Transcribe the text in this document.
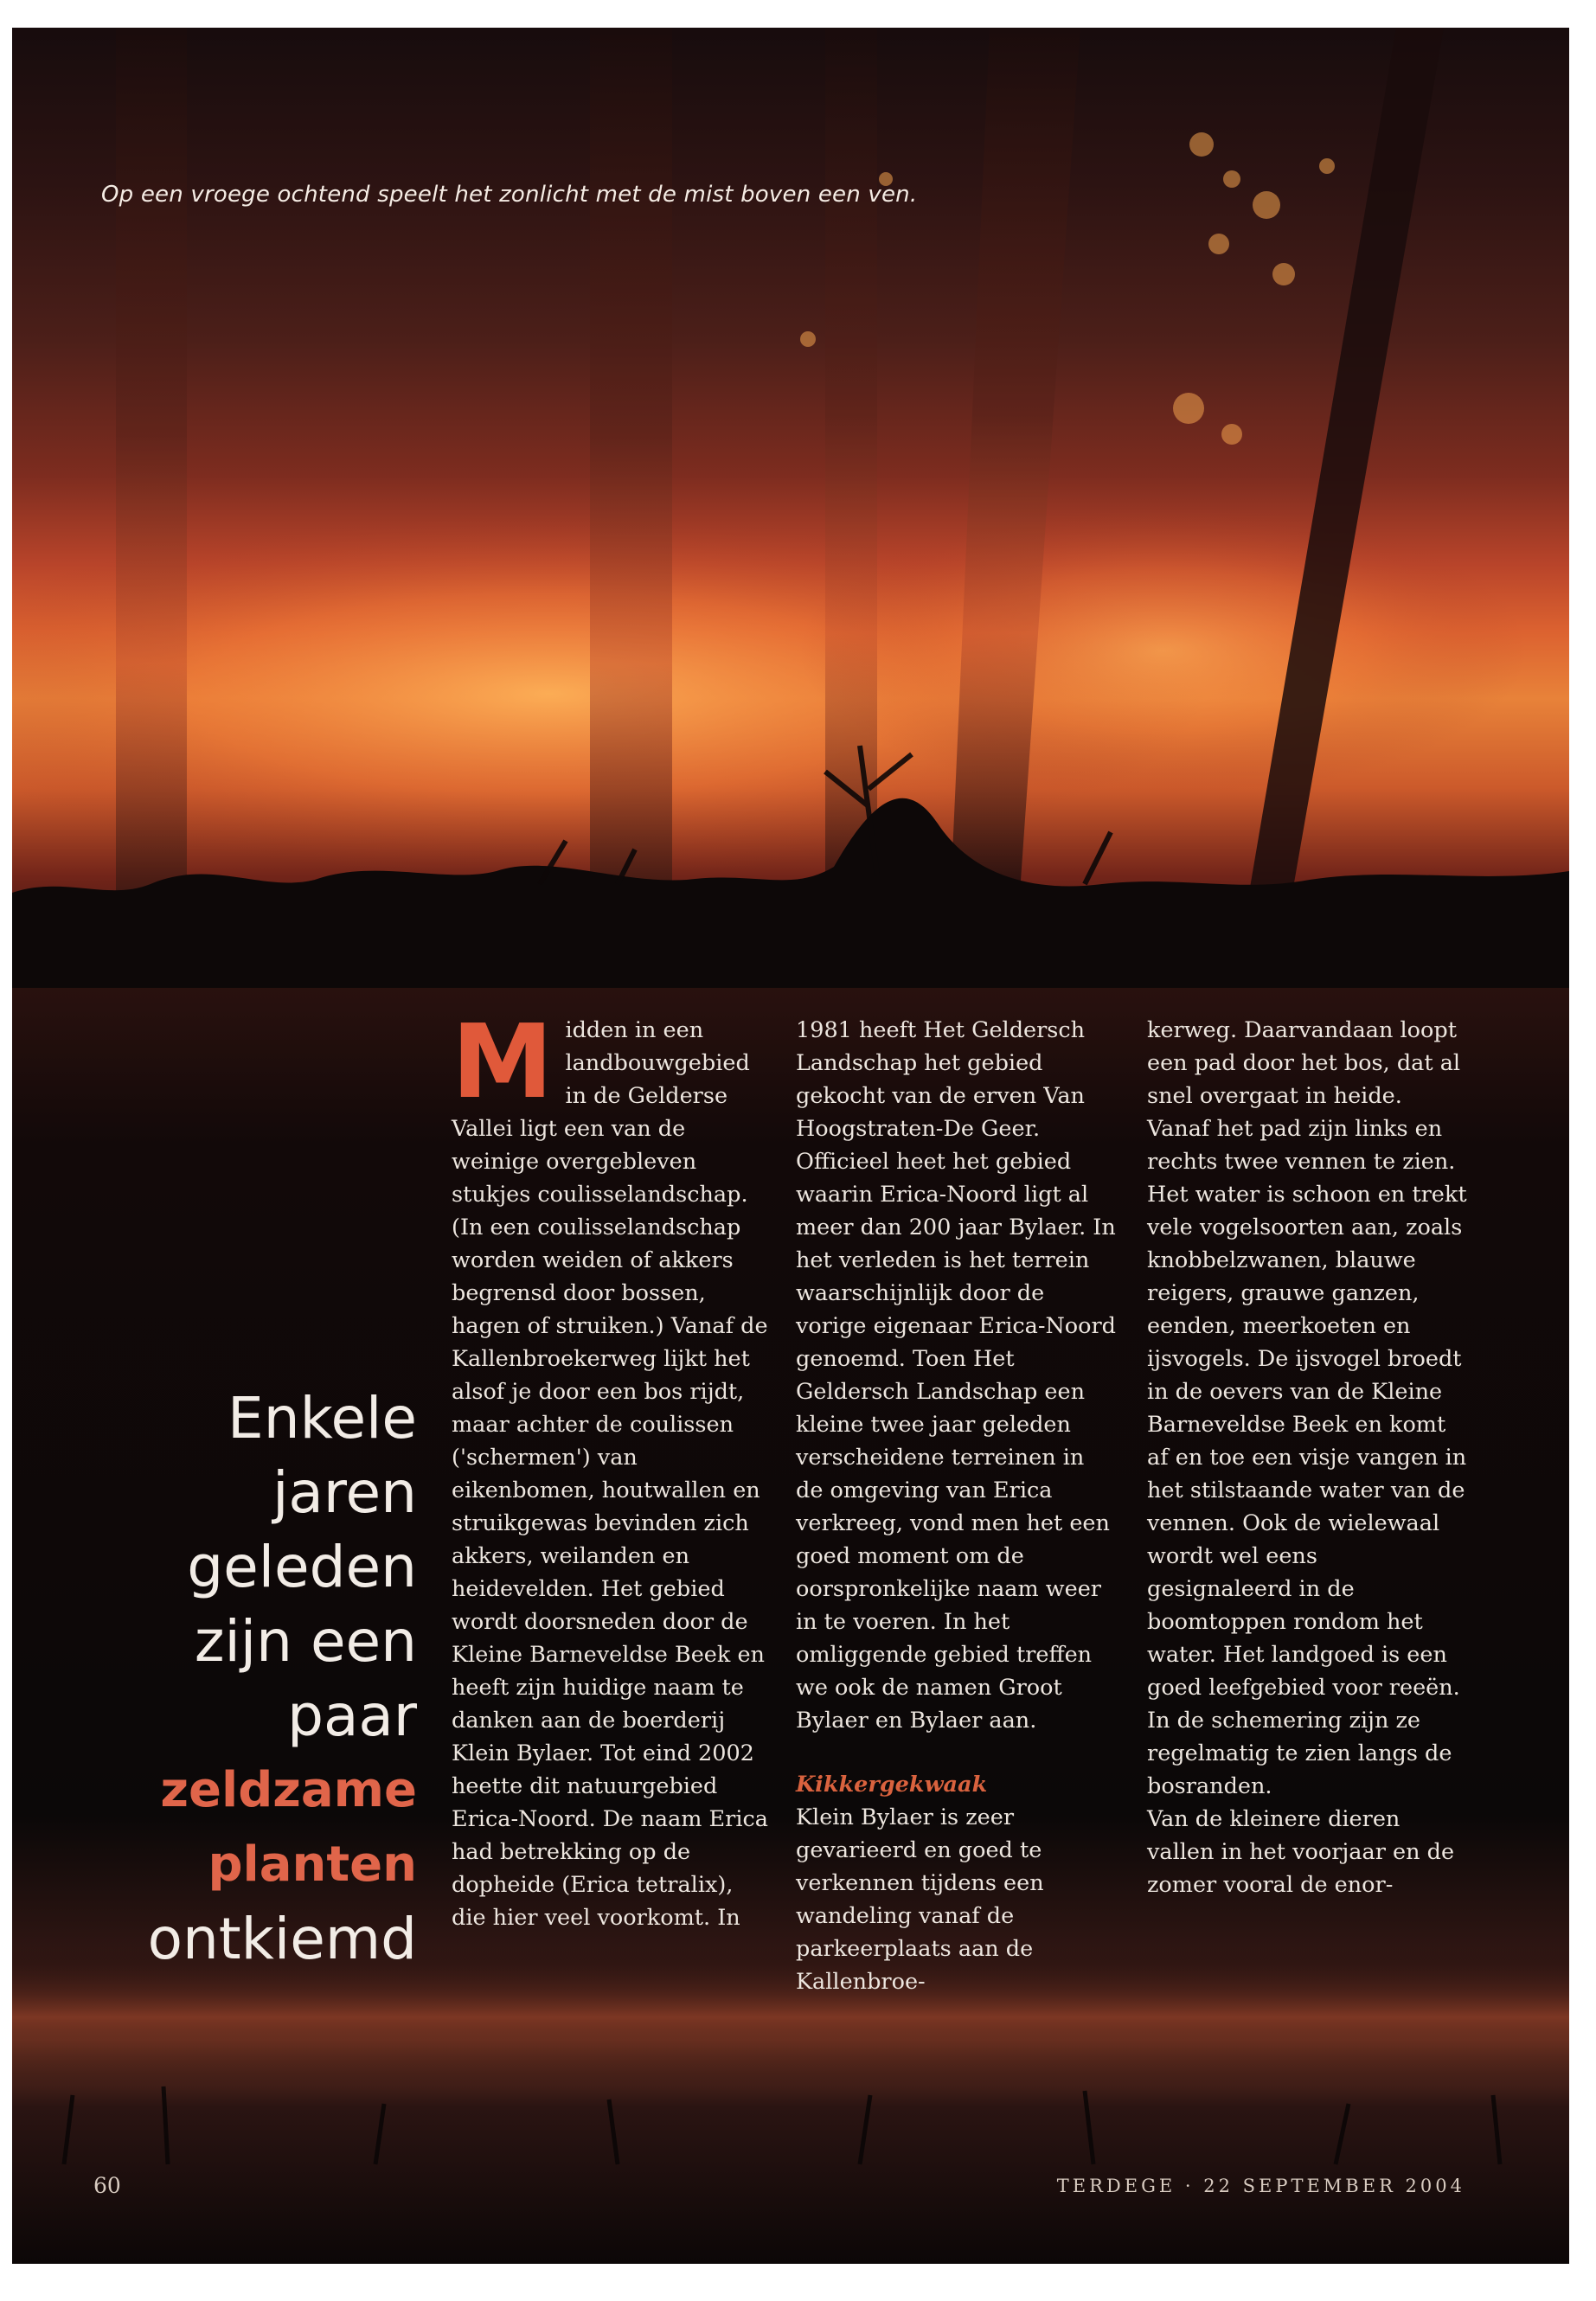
Op een vroege ochtend speelt het zonlicht met de mist boven een ven.
Enkele
jaren
geleden
zijn een
paar
zeldzame
planten
ontkiemd
M idden in een landbouwgebied in de Gelderse Vallei ligt een van de weinige overgebleven stukjes coulisselandschap. (In een coulisselandschap worden weiden of akkers begrensd door bossen, hagen of struiken.) Vanaf de Kallenbroekerweg lijkt het alsof je door een bos rijdt, maar achter de coulissen ('schermen') van eikenbomen, houtwallen en struikgewas bevinden zich akkers, weilanden en heidevelden. Het gebied wordt doorsneden door de Kleine Barneveldse Beek en heeft zijn huidige naam te danken aan de boerderij Klein Bylaer. Tot eind 2002 heette dit natuurgebied Erica-Noord. De naam Erica had betrekking op de dopheide (Erica tetralix), die hier veel voorkomt. In

1981 heeft Het Geldersch Landschap het gebied gekocht van de erven Van Hoogstraten-De Geer. Officieel heet het gebied waarin Erica-Noord ligt al meer dan 200 jaar Bylaer. In het verleden is het terrein waarschijnlijk door de vorige eigenaar Erica-Noord genoemd. Toen Het Geldersch Landschap een kleine twee jaar geleden verscheidene terreinen in de omgeving van Erica verkreeg, vond men het een goed moment om de oorspronkelijke naam weer in te voeren. In het omliggende gebied treffen we ook de namen Groot Bylaer en Bylaer aan.

Kikkergekwaak

Klein Bylaer is zeer gevarieerd en goed te verkennen tijdens een wandeling vanaf de parkeerplaats aan de Kallenbroe-

kerweg. Daarvandaan loopt een pad door het bos, dat al snel overgaat in heide. Vanaf het pad zijn links en rechts twee vennen te zien. Het water is schoon en trekt vele vogelsoorten aan, zoals knobbelzwanen, blauwe reigers, grauwe ganzen, eenden, meerkoeten en ijsvogels. De ijsvogel broedt in de oevers van de Kleine Barneveldse Beek en komt af en toe een visje vangen in het stilstaande water van de vennen. Ook de wielewaal wordt wel eens gesignaleerd in de boomtoppen rondom het water. Het landgoed is een goed leefgebied voor reeën. In de schemering zijn ze regelmatig te zien langs de bosranden.

Van de kleinere dieren vallen in het voorjaar en de zomer vooral de enor-

60	TERDEGE · 22 SEPTEMBER 2004
